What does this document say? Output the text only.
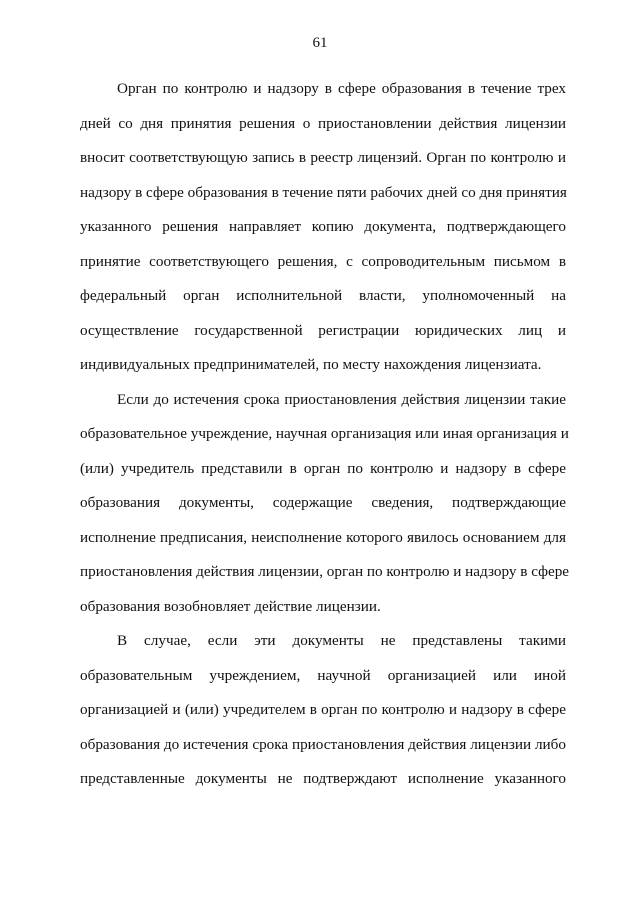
61

Орган по контролю и надзору в сфере образования в течение трех
дней со дня принятия решения о приостановлении действия лицензии
вносит соответствующую запись в реестр лицензий. Орган по контролю и
надзору в сфере образования в течение пяти рабочих дней со дня принятия
указанного решения направляет копию документа, подтверждающего
принятие соответствующего решения, с сопроводительным письмом в
федеральный орган исполнительной власти, уполномоченный на
осуществление государственной регистрации юридических лиц и
индивидуальных предпринимателей, по месту нахождения лицензиата.

Если до истечения срока приостановления действия лицензии такие
образовательное учреждение, научная организация или иная организация и
(или) учредитель представили в орган по контролю и надзору в сфере
образования документы, содержащие сведения, подтверждающие
исполнение предписания, неисполнение которого явилось основанием для
приостановления действия лицензии, орган по контролю и надзору в сфере
образования возобновляет действие лицензии.

В случае, если эти документы не представлены такими
образовательным учреждением, научной организацией или иной
организацией и (или) учредителем в орган по контролю и надзору в сфере
образования до истечения срока приостановления действия лицензии либо
представленные документы не подтверждают исполнение указанного
